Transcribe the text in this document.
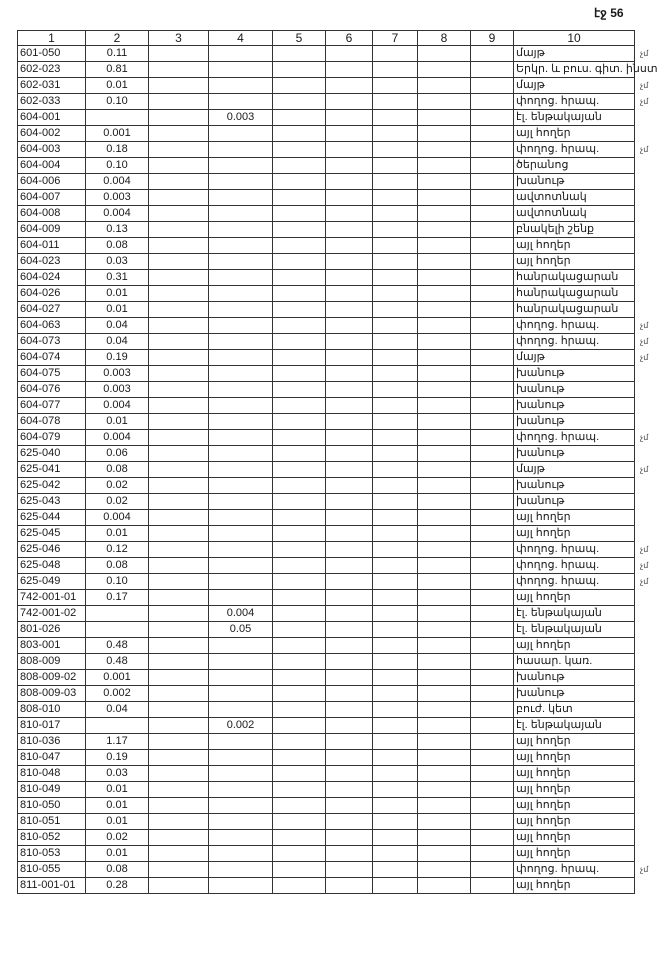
էջ 56
1	2	3	4	5	6	7	8	9	10
601-050	0.11								մայթ
602-023	0.81								Երկր. և բուս. գիտ. ինստ
602-031	0.01								մայթ
602-033	0.10								փողոց. հրապ.
604-001			0.003						էլ. ենթակայան
604-002	0.001								այլ հողեր
604-003	0.18								փողոց. հրապ.
604-004	0.10								ծերանոց
604-006	0.004								խանութ
604-007	0.003								ավտոտնակ
604-008	0.004								ավտոտնակ
604-009	0.13								բնակելի շենք
604-011	0.08								այլ հողեր
604-023	0.03								այլ հողեր
604-024	0.31								հանրակացարան
604-026	0.01								հանրակացարան
604-027	0.01								հանրակացարան
604-063	0.04								փողոց. հրապ.
604-073	0.04								փողոց. հրապ.
604-074	0.19								մայթ
604-075	0.003								խանութ
604-076	0.003								խանութ
604-077	0.004								խանութ
604-078	0.01								խանութ
604-079	0.004								փողոց. հրապ.
625-040	0.06								խանութ
625-041	0.08								մայթ
625-042	0.02								խանութ
625-043	0.02								խանութ
625-044	0.004								այլ հողեր
625-045	0.01								այլ հողեր
625-046	0.12								փողոց. հրապ.
625-048	0.08								փողոց. հրապ.
625-049	0.10								փողոց. հրապ.
742-001-01	0.17								այլ հողեր
742-001-02			0.004						էլ. ենթակայան
801-026			0.05						էլ. ենթակայան
803-001	0.48								այլ հողեր
808-009	0.48								հասար. կառ.
808-009-02	0.001								խանութ
808-009-03	0.002								խանութ
808-010	0.04								բուժ. կետ
810-017			0.002						էլ. ենթակայան
810-036	1.17								այլ հողեր
810-047	0.19								այլ հողեր
810-048	0.03								այլ հողեր
810-049	0.01								այլ հողեր
810-050	0.01								այլ հողեր
810-051	0.01								այլ հողեր
810-052	0.02								այլ հողեր
810-053	0.01								այլ հողեր
810-055	0.08								փողոց. հրապ.
811-001-01	0.28								այլ հողեր
չմ
չմ
չմ
չմ
չմ
չմ
չմ
չմ
չմ
չմ
չմ
չմ
չմ
